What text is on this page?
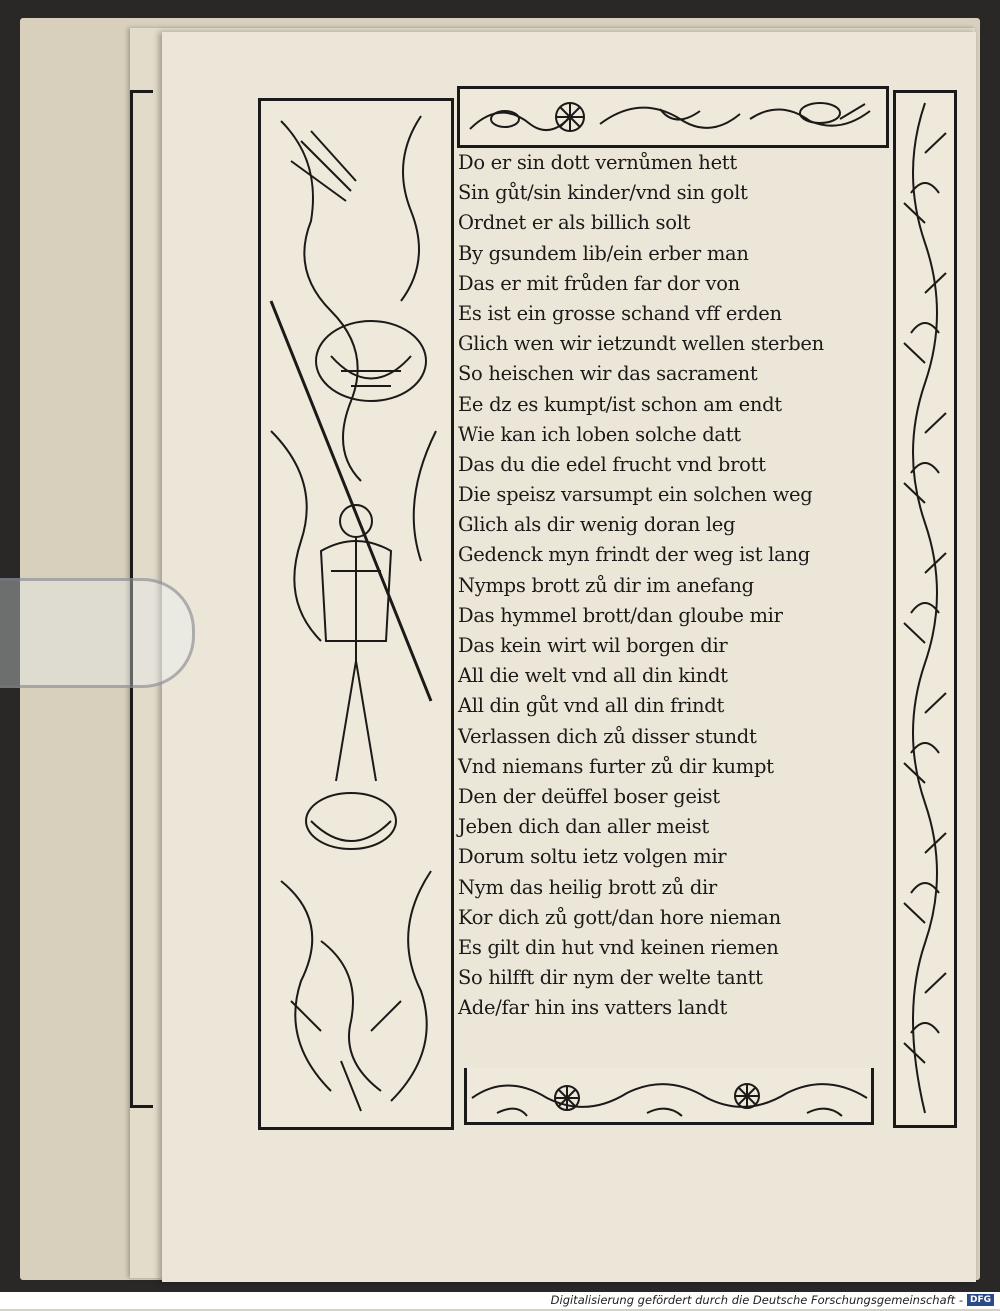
Do er sin dott vernůmen hett
Sin gůt/sin kinder/vnd sin golt
Ordnet er als billich solt
By gsundem lib/ein erber man
Das er mit frůden far dor von
Es ist ein grosse schand vff erden
Glich wen wir ietzundt wellen sterben
So heischen wir das sacrament
Ee dz es kumpt/ist schon am endt
Wie kan ich loben solche datt
Das du die edel frucht vnd brott
Die speisz varsumpt ein solchen weg
Glich als dir wenig doran leg
Gedenck myn frindt der weg ist lang
Nymps brott zů dir im anefang
Das hymmel brott/dan gloube mir
Das kein wirt wil borgen dir
All die welt vnd all din kindt
All din gůt vnd all din frindt
Verlassen dich zů disser stundt
Vnd niemans furter zů dir kumpt
Den der deüffel boser geist
Jeben dich dan aller meist
Dorum soltu ietz volgen mir
Nym das heilig brott zů dir
Kor dich zů gott/dan hore nieman
Es gilt din hut vnd keinen riemen
So hilfft dir nym der welte tantt
Ade/far hin ins vatters landt
$^{Digitalisierung gefördert durch die Deutsche Forschungsgemeinschaft -}$ DFG
